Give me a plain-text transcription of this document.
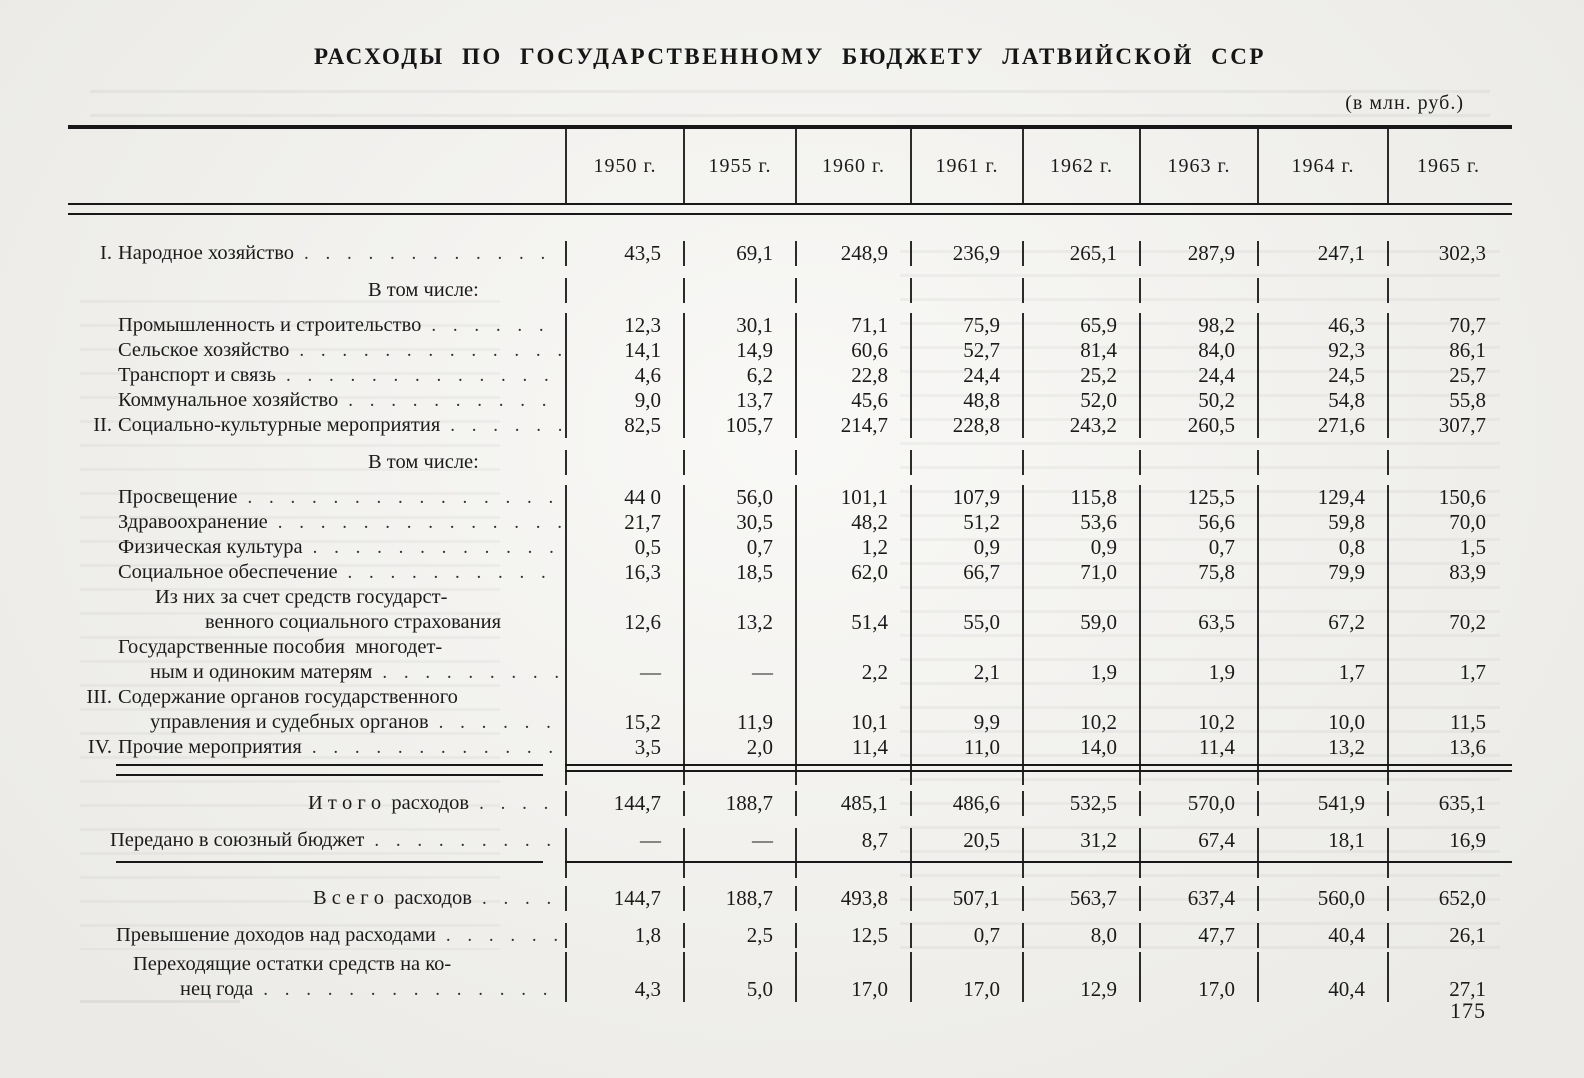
РАСХОДЫ ПО ГОСУДАРСТВЕННОМУ БЮДЖЕТУ ЛАТВИЙСКОЙ ССР
(в млн. руб.)
1950 г.	1955 г.	1960 г.	1961 г.	1962 г.	1963 г.	1964 г.	1965 г.
I. Народное хозяйство . . .	43,5	69,1	248,9	236,9	265,1	287,9	247,1	302,3
В том числе:
Промышленность и строительство . . .	12,3	30,1	71,1	75,9	65,9	98,2	46,3	70,7
Сельское хозяйство . . .	14,1	14,9	60,6	52,7	81,4	84,0	92,3	86,1
Транспорт и связь . . .	4,6	6,2	22,8	24,4	25,2	24,4	24,5	25,7
Коммунальное хозяйство . . .	9,0	13,7	45,6	48,8	52,0	50,2	54,8	55,8
II. Социально-культурные мероприятия . . .	82,5	105,7	214,7	228,8	243,2	260,5	271,6	307,7
В том числе:
Просвещение . . .	44 0	56,0	101,1	107,9	115,8	125,5	129,4	150,6
Здравоохранение . . .	21,7	30,5	48,2	51,2	53,6	56,6	59,8	70,0
Физическая культура . . .	0,5	0,7	1,2	0,9	0,9	0,7	0,8	1,5
Социальное обеспечение . . .	16,3	18,5	62,0	66,7	71,0	75,8	79,9	83,9
Из них за счет средств государст-
венного социального страхования	12,6	13,2	51,4	55,0	59,0	63,5	67,2	70,2
Государственные пособия  многодет-
ным и одиноким матерям . . .	—	—	2,2	2,1	1,9	1,9	1,7	1,7
III. Содержание органов государственного
управления и судебных органов . . .	15,2	11,9	10,1	9,9	10,2	10,2	10,0	11,5
IV. Прочие мероприятия . . .	3,5	2,0	11,4	11,0	14,0	11,4	13,2	13,6
И т о г о  расходов . . .	144,7	188,7	485,1	486,6	532,5	570,0	541,9	635,1
Передано в союзный бюджет . . .	—	—	8,7	20,5	31,2	67,4	18,1	16,9
В с е г о  расходов . . .	144,7	188,7	493,8	507,1	563,7	637,4	560,0	652,0
Превышение доходов над расходами . . .	1,8	2,5	12,5	0,7	8,0	47,7	40,4	26,1
Переходящие остатки средств на ко-
нец года . . .	4,3	5,0	17,0	17,0	12,9	17,0	40,4	27,1
175
